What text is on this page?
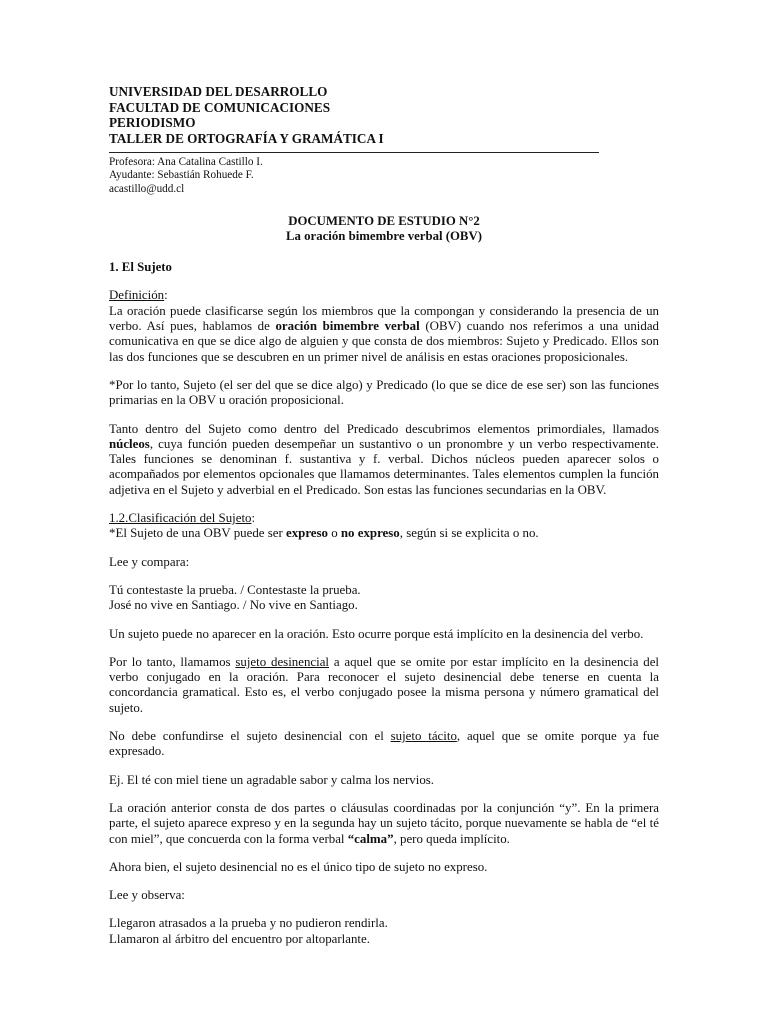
UNIVERSIDAD DEL DESARROLLO
FACULTAD DE COMUNICACIONES
PERIODISMO
TALLER DE ORTOGRAFÍA Y GRAMÁTICA I
Profesora: Ana Catalina Castillo I.
Ayudante: Sebastián Rohuede F.
acastillo@udd.cl
DOCUMENTO DE ESTUDIO N°2
La oración bimembre verbal (OBV)
1. El Sujeto

Definición:

La oración puede clasificarse según los miembros que la compongan y considerando la presencia de un verbo. Así pues, hablamos de oración bimembre verbal (OBV) cuando nos referimos a una unidad comunicativa en que se dice algo de alguien y que consta de dos miembros: Sujeto y Predicado. Ellos son las dos funciones que se descubren en un primer nivel de análisis en estas oraciones proposicionales.

*Por lo tanto, Sujeto (el ser del que se dice algo) y Predicado (lo que se dice de ese ser) son las funciones primarias en la OBV u oración proposicional.

Tanto dentro del Sujeto como dentro del Predicado descubrimos elementos primordiales, llamados núcleos, cuya función pueden desempeñar un sustantivo o un pronombre y un verbo respectivamente. Tales funciones se denominan f. sustantiva y f. verbal. Dichos núcleos pueden aparecer solos o acompañados por elementos opcionales que llamamos determinantes. Tales elementos cumplen la función adjetiva en el Sujeto y adverbial en el Predicado. Son estas las funciones secundarias en la OBV.

1.2.Clasificación del Sujeto:

*El Sujeto de una OBV puede ser expreso o no expreso, según si se explicita o no.

Lee y compara:

Tú contestaste la prueba. / Contestaste la prueba.

José no vive en Santiago. / No vive en Santiago.

Un sujeto puede no aparecer en la oración. Esto ocurre porque está implícito en la desinencia del verbo.

Por lo tanto, llamamos sujeto desinencial a aquel que se omite por estar implícito en la desinencia del verbo conjugado en la oración. Para reconocer el sujeto desinencial debe tenerse en cuenta la concordancia gramatical. Esto es, el verbo conjugado posee la misma persona y número gramatical del sujeto.

No debe confundirse el sujeto desinencial con el sujeto tácito, aquel que se omite porque ya fue expresado.

Ej. El té con miel tiene un agradable sabor y calma los nervios.

La oración anterior consta de dos partes o cláusulas coordinadas por la conjunción “y”. En la primera parte, el sujeto aparece expreso y en la segunda hay un sujeto tácito, porque nuevamente se habla de “el té con miel”, que concuerda con la forma verbal “calma”, pero queda implícito.

Ahora bien, el sujeto desinencial no es el único tipo de sujeto no expreso.

Lee y observa:

Llegaron atrasados a la prueba y no pudieron rendirla.

Llamaron al árbitro del encuentro por altoparlante.
